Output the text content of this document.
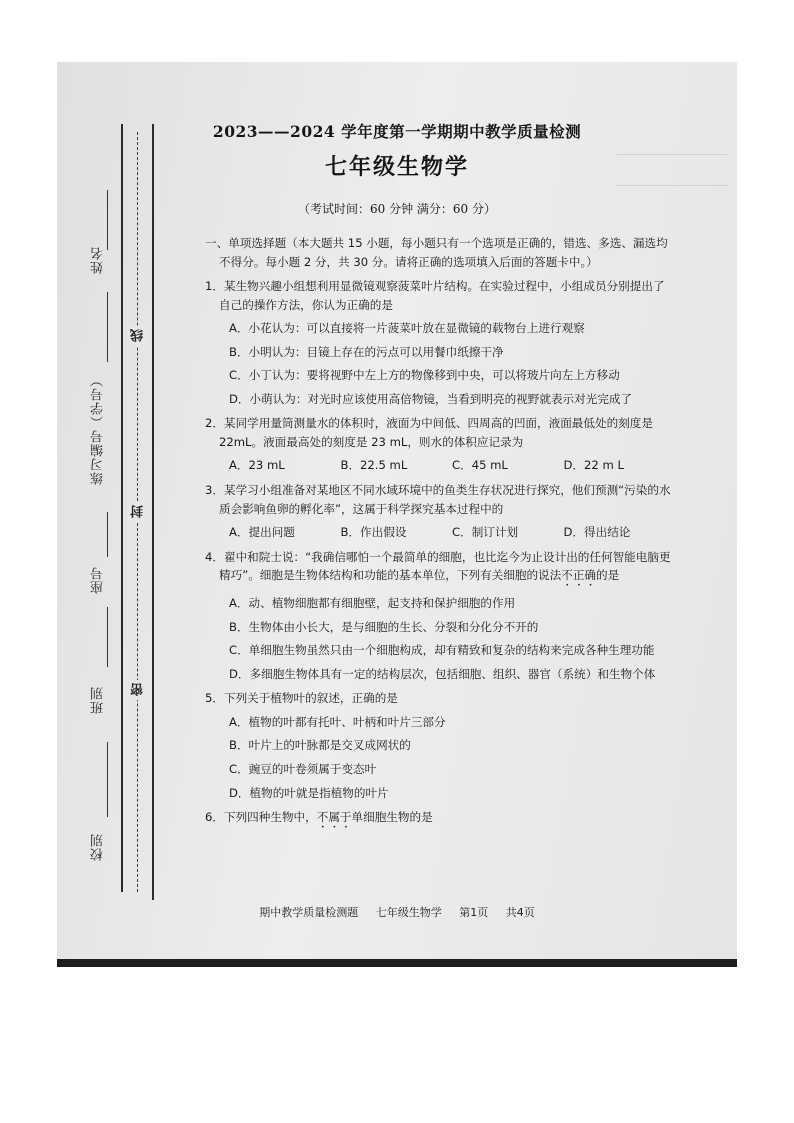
姓名
练习编号（学号）
座号
班别
校别
线
封
密
2023——2024 学年度第一学期期中教学质量检测
七年级生物学
（考试时间：60 分钟 满分：60 分）
一、单项选择题（本大题共 15 小题，每小题只有一个选项是正确的，错选、多选、漏选均不得分。每小题 2 分，共 30 分。请将正确的选项填入后面的答题卡中。）
1．某生物兴趣小组想利用显微镜观察菠菜叶片结构。在实验过程中，小组成员分别提出了自己的操作方法，你认为正确的是
A．小花认为：可以直接将一片菠菜叶放在显微镜的载物台上进行观察
B．小明认为：目镜上存在的污点可以用餐巾纸擦干净
C．小丁认为：要将视野中左上方的物像移到中央，可以将玻片向左上方移动
D．小萌认为：对光时应该使用高倍物镜，当看到明亮的视野就表示对光完成了
2．某同学用量筒测量水的体积时，液面为中间低、四周高的凹面，液面最低处的刻度是 22mL。液面最高处的刻度是 23 mL，则水的体积应记录为
A．23 mL	B．22.5 mL	C．45 mL	D．22 m L
3．某学习小组准备对某地区不同水域环境中的鱼类生存状况进行探究，他们预测“污染的水质会影响鱼卵的孵化率”，这属于科学探究基本过程中的
A．提出问题	B．作出假设	C．制订计划	D．得出结论
4．翟中和院士说：“我确信哪怕一个最简单的细胞，也比迄今为止设计出的任何智能电脑更精巧”。细胞是生物体结构和功能的基本单位，下列有关细胞的说法不正确的是
A．动、植物细胞都有细胞壁，起支持和保护细胞的作用
B．生物体由小长大，是与细胞的生长、分裂和分化分不开的
C．单细胞生物虽然只由一个细胞构成，却有精致和复杂的结构来完成各种生理功能
D．多细胞生物体具有一定的结构层次，包括细胞、组织、器官（系统）和生物个体
5．下列关于植物叶的叙述，正确的是
A．植物的叶都有托叶、叶柄和叶片三部分
B．叶片上的叶脉都是交叉成网状的
C．豌豆的叶卷须属于变态叶
D．植物的叶就是指植物的叶片
6．下列四种生物中，不属于单细胞生物的是
期中教学质量检测题 七年级生物学 第1页 共4页
